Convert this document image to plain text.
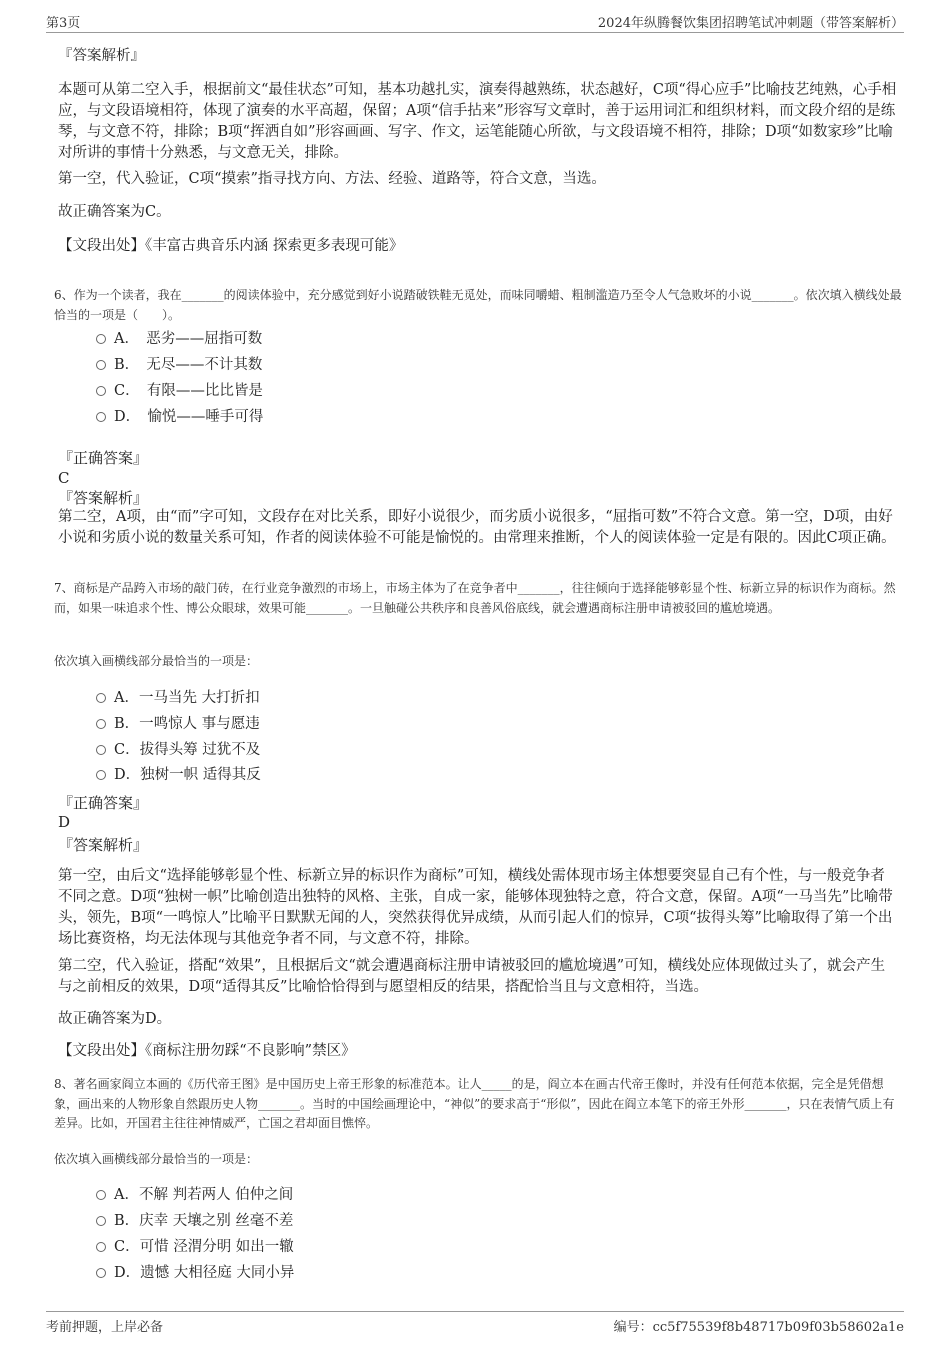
第3页	2024年纵腾餐饮集团招聘笔试冲刺题（带答案解析）
『答案解析』

本题可从第二空入手，根据前文“最佳状态”可知，基本功越扎实，演奏得越熟练，状态越好，C项“得心应手”比喻技艺纯熟，心手相应，与文段语境相符，体现了演奏的水平高超，保留；A项“信手拈来”形容写文章时，善于运用词汇和组织材料，而文段介绍的是练琴，与文意不符，排除；B项“挥洒自如”形容画画、写字、作文，运笔能随心所欲，与文段语境不相符，排除；D项“如数家珍”比喻对所讲的事情十分熟悉，与文意无关，排除。

第一空，代入验证，C项“摸索”指寻找方向、方法、经验、道路等，符合文意，当选。

故正确答案为C。

【文段出处】《丰富古典音乐内涵 探索更多表现可能》

6、作为一个读者，我在_______的阅读体验中，充分感觉到好小说踏破铁鞋无觅处，而味同嚼蜡、粗制滥造乃至令人气急败坏的小说_______。依次填入横线处最恰当的一项是（　　）。

A．　恶劣——屈指可数
B．　无尽——不计其数
C．　有限——比比皆是
D．　愉悦——唾手可得
『正确答案』
C
『答案解析』

第二空，A项，由“而”字可知，文段存在对比关系，即好小说很少，而劣质小说很多，“屈指可数”不符合文意。第一空，D项，由好小说和劣质小说的数量关系可知，作者的阅读体验不可能是愉悦的。由常理来推断，个人的阅读体验一定是有限的。因此C项正确。

7、商标是产品跨入市场的敲门砖，在行业竞争激烈的市场上，市场主体为了在竞争者中_______，往往倾向于选择能够彰显个性、标新立异的标识作为商标。然而，如果一味追求个性、博公众眼球，效果可能_______。一旦触碰公共秩序和良善风俗底线，就会遭遇商标注册申请被驳回的尴尬境遇。

依次填入画横线部分最恰当的一项是：

A．一马当先 大打折扣
B．一鸣惊人 事与愿违
C．拔得头筹 过犹不及
D．独树一帜 适得其反
『正确答案』
D
『答案解析』

第一空，由后文“选择能够彰显个性、标新立异的标识作为商标”可知，横线处需体现市场主体想要突显自己有个性，与一般竞争者不同之意。D项“独树一帜”比喻创造出独特的风格、主张，自成一家，能够体现独特之意，符合文意，保留。A项“一马当先”比喻带头，领先，B项“一鸣惊人”比喻平日默默无闻的人，突然获得优异成绩，从而引起人们的惊异，C项“拔得头筹”比喻取得了第一个出场比赛资格，均无法体现与其他竞争者不同，与文意不符，排除。

第二空，代入验证，搭配“效果”，且根据后文“就会遭遇商标注册申请被驳回的尴尬境遇”可知，横线处应体现做过头了，就会产生与之前相反的效果，D项“适得其反”比喻恰恰得到与愿望相反的结果，搭配恰当且与文意相符，当选。

故正确答案为D。

【文段出处】《商标注册勿踩“不良影响”禁区》

8、著名画家阎立本画的《历代帝王图》是中国历史上帝王形象的标准范本。让人_____的是，阎立本在画古代帝王像时，并没有任何范本依据，完全是凭借想象，画出来的人物形象自然跟历史人物_______。当时的中国绘画理论中，“神似”的要求高于“形似”，因此在阎立本笔下的帝王外形_______，只在表情气质上有差异。比如，开国君主往往神情威严，亡国之君却面目憔悴。

依次填入画横线部分最恰当的一项是：

A．不解 判若两人 伯仲之间
B．庆幸 天壤之别 丝毫不差
C．可惜 泾渭分明 如出一辙
D．遗憾 大相径庭 大同小异
考前押题，上岸必备	编号：cc5f75539f8b48717b09f03b58602a1e
